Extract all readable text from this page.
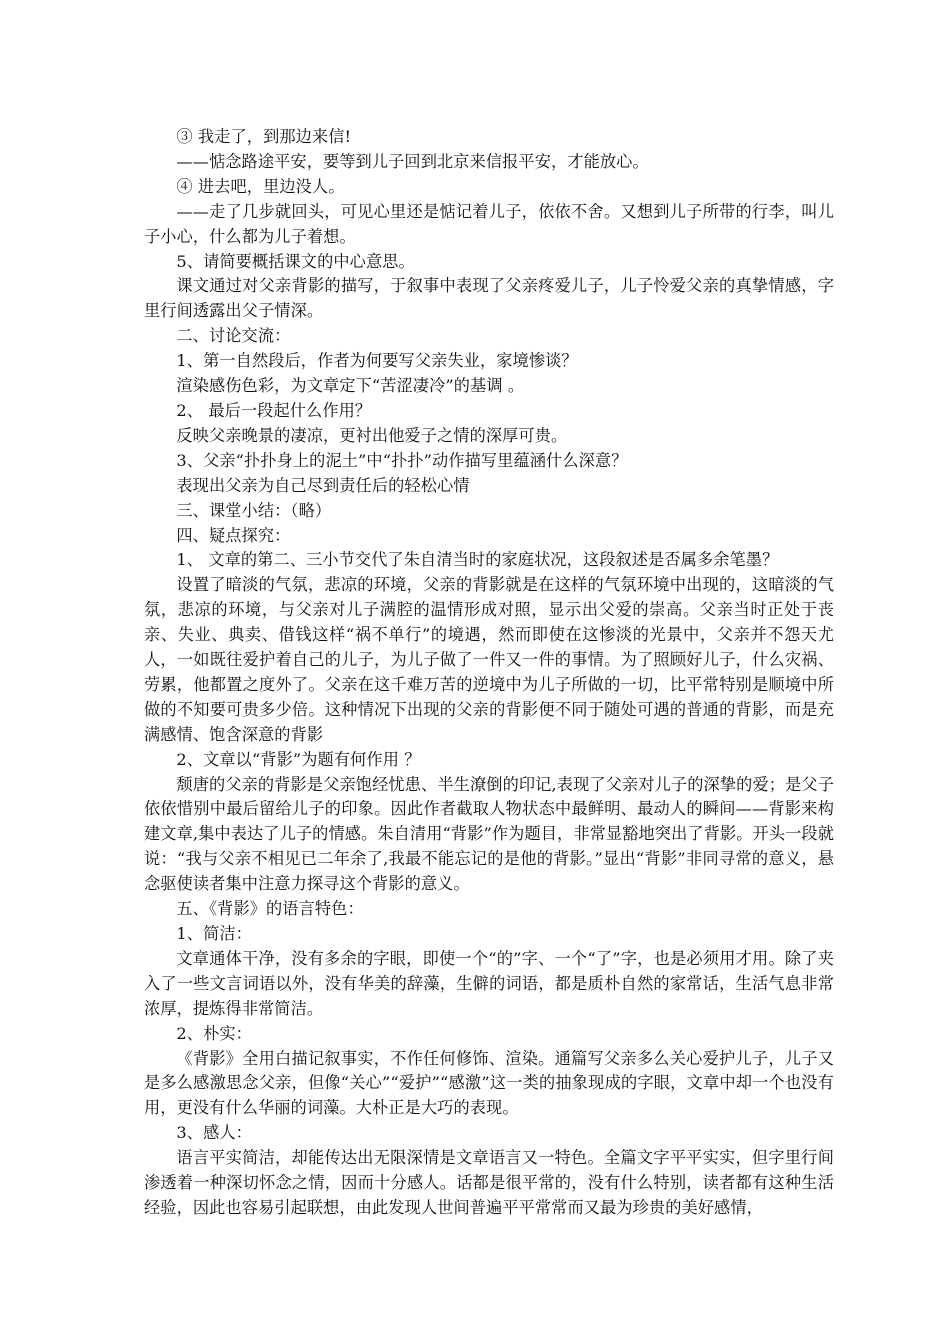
③ 我走了，到那边来信!

——惦念路途平安，要等到儿子回到北京来信报平安，才能放心。

④ 进去吧，里边没人。

——走了几步就回头，可见心里还是惦记着儿子，依依不舍。又想到儿子所带的行李，叫儿子小心，什么都为儿子着想。

5、请简要概括课文的中心意思。

课文通过对父亲背影的描写，于叙事中表现了父亲疼爱儿子，儿子怜爱父亲的真挚情感，字里行间透露出父子情深。

二、讨论交流：

1、第一自然段后，作者为何要写父亲失业，家境惨谈？

渲染感伤色彩，为文章定下“苦涩凄冷”的基调 。

2、 最后一段起什么作用？

反映父亲晚景的凄凉，更衬出他爱子之情的深厚可贵。

3、父亲“扑扑身上的泥土”中“扑扑”动作描写里蕴涵什么深意？

表现出父亲为自己尽到责任后的轻松心情

三、课堂小结：（略）

四、疑点探究：

1、 文章的第二、三小节交代了朱自清当时的家庭状况，这段叙述是否属多余笔墨？

设置了暗淡的气氛，悲凉的环境，父亲的背影就是在这样的气氛环境中出现的，这暗淡的气氛，悲凉的环境，与父亲对儿子满腔的温情形成对照，显示出父爱的崇高。父亲当时正处于丧亲、失业、典卖、借钱这样“祸不单行”的境遇，然而即使在这惨淡的光景中，父亲并不怨天尤人，一如既往爱护着自己的儿子，为儿子做了一件又一件的事情。为了照顾好儿子，什么灾祸、劳累，他都置之度外了。父亲在这千难万苦的逆境中为儿子所做的一切，比平常特别是顺境中所做的不知要可贵多少倍。这种情况下出现的父亲的背影便不同于随处可遇的普通的背影，而是充满感情、饱含深意的背影

2、文章以“背影”为题有何作用 ？

颓唐的父亲的背影是父亲饱经忧患、半生潦倒的印记,表现了父亲对儿子的深挚的爱；是父子依依惜别中最后留给儿子的印象。因此作者截取人物状态中最鲜明、最动人的瞬间——背影来构建文章,集中表达了儿子的情感。朱自清用“背影”作为题目，非常显豁地突出了背影。开头一段就说：“我与父亲不相见已二年余了,我最不能忘记的是他的背影。”显出“背影”非同寻常的意义，悬念驱使读者集中注意力探寻这个背影的意义。

五、《背影》的语言特色：

1、简洁：

文章通体干净，没有多余的字眼，即使一个“的”字、一个“了”字，也是必须用才用。除了夹入了一些文言词语以外，没有华美的辞藻，生僻的词语，都是质朴自然的家常话，生活气息非常浓厚，提炼得非常简洁。

2、朴实：

《背影》全用白描记叙事实，不作任何修饰、渲染。通篇写父亲多么关心爱护儿子，儿子又是多么感激思念父亲，但像“关心”“爱护”“感激”这一类的抽象现成的字眼，文章中却一个也没有用，更没有什么华丽的词藻。大朴正是大巧的表现。

3、感人：

语言平实简洁，却能传达出无限深情是文章语言又一特色。全篇文字平平实实，但字里行间渗透着一种深切怀念之情，因而十分感人。话都是很平常的，没有什么特别，读者都有这种生活经验，因此也容易引起联想，由此发现人世间普遍平平常常而又最为珍贵的美好感情，
